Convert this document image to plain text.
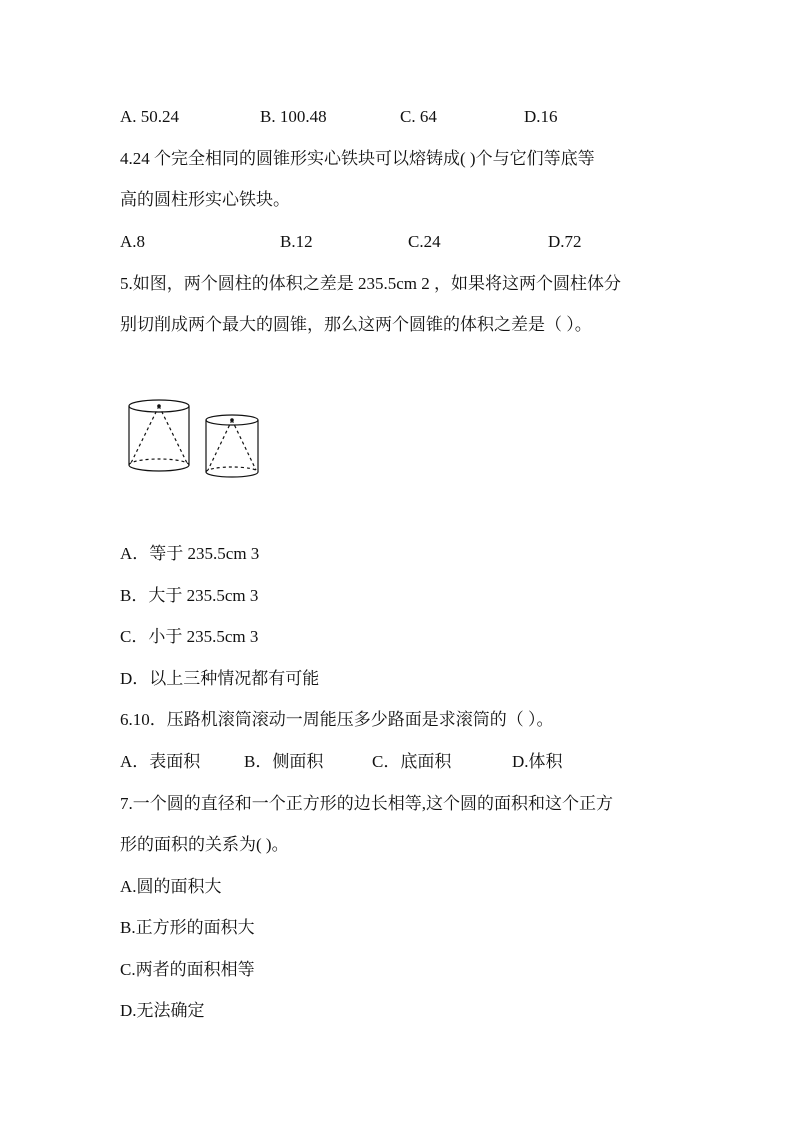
A. 50.24	B. 100.48	C. 64	D.16
4.24 个完全相同的圆锥形实心铁块可以熔铸成( )个与它们等底等
高的圆柱形实心铁块。
A.8	B.12	C.24	D.72
5.如图，两个圆柱的体积之差是 235.5cm 2 ，如果将这两个圆柱体分
别切削成两个最大的圆锥，那么这两个圆锥的体积之差是（ ）。
A．等于 235.5cm 3
B．大于 235.5cm 3
C．小于 235.5cm 3
D．以上三种情况都有可能
6.10．压路机滚筒滚动一周能压多少路面是求滚筒的（ ）。
A．表面积	B．侧面积	C．底面积	D.体积
7.一个圆的直径和一个正方形的边长相等,这个圆的面积和这个正方
形的面积的关系为( )。
A.圆的面积大
B.正方形的面积大
C.两者的面积相等
D.无法确定
